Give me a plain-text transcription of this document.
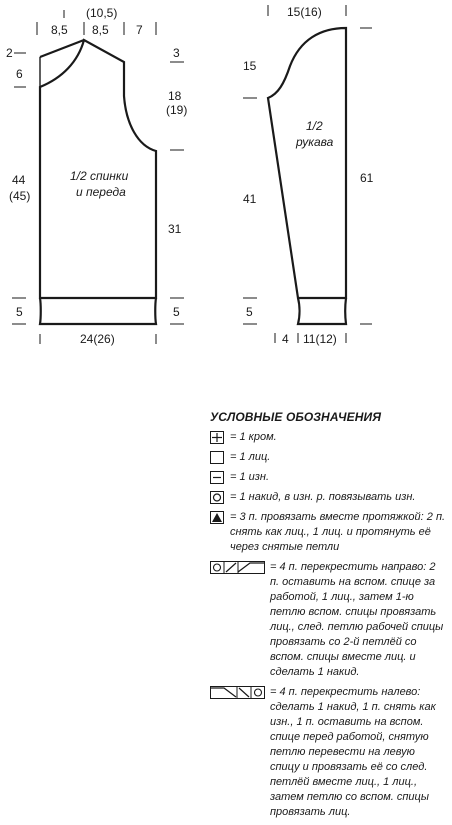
(10,5)
8,5 8,5 7
2
6
3
18
(19)
44
(45)
31
5	5
24(26)
1/2 спинки
и переда
15(16)
15
61
41
5
4 11(12)
1/2
рукава
УСЛОВНЫЕ ОБОЗНАЧЕНИЯ
= 1 кром.
= 1 лиц.
= 1 изн.
= 1 накид, в изн. р. повязывать изн.
= 3 п. провязать вместе протяжкой: 2 п. снять как лиц., 1 лиц. и протянуть её через снятые петли
= 4 п. перекрестить направо: 2 п. оставить на вспом. спице за работой, 1 лиц., затем 1-ю петлю вспом. спицы провязать лиц., след. петлю рабочей спицы провязать со 2-й петлёй со вспом. спицы вместе лиц. и сделать 1 накид.
= 4 п. перекрестить налево: сделать 1 накид, 1 п. снять как изн., 1 п. оставить на вспом. спице перед работой, снятую петлю перевести на левую спицу и провязать её со след. петлёй вместе лиц., 1 лиц., затем петлю со вспом. спицы провязать лиц.
